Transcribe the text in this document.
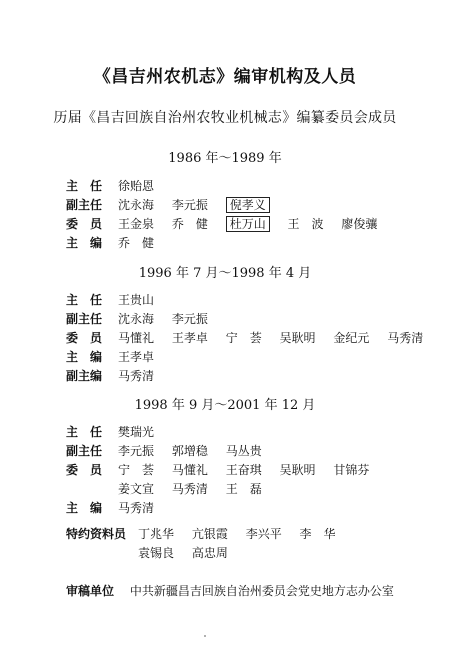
《昌吉州农机志》编审机构及人员
历届《昌吉回族自治州农牧业机械志》编纂委员会成员
1986 年～1989 年
主　任	徐贻恩
副主任	沈永海 李元振 倪孝义
委　员	王金泉 乔　健 杜万山 王　波 廖俊骧
主　编	乔　健
1996 年 7 月～1998 年 4 月
主　任	王贵山
副主任	沈永海 李元振
委　员	马懂礼 王孝卓 宁　荟 吴耿明 金纪元 马秀清
主　编	王孝卓
副主编	马秀清
1998 年 9 月～2001 年 12 月
主　任	樊瑞光
副主任	李元振 郭增稳 马丛贵
委　员	宁　荟 马懂礼 王奋琪 吴耿明 甘锦芬
姜文宣 马秀清 王　磊
主　编	马秀清
特约资料员 丁兆华 亢银霞 李兴平 李　华
袁锡良 高忠周
审稿单位 中共新疆昌吉回族自治州委员会党史地方志办公室
